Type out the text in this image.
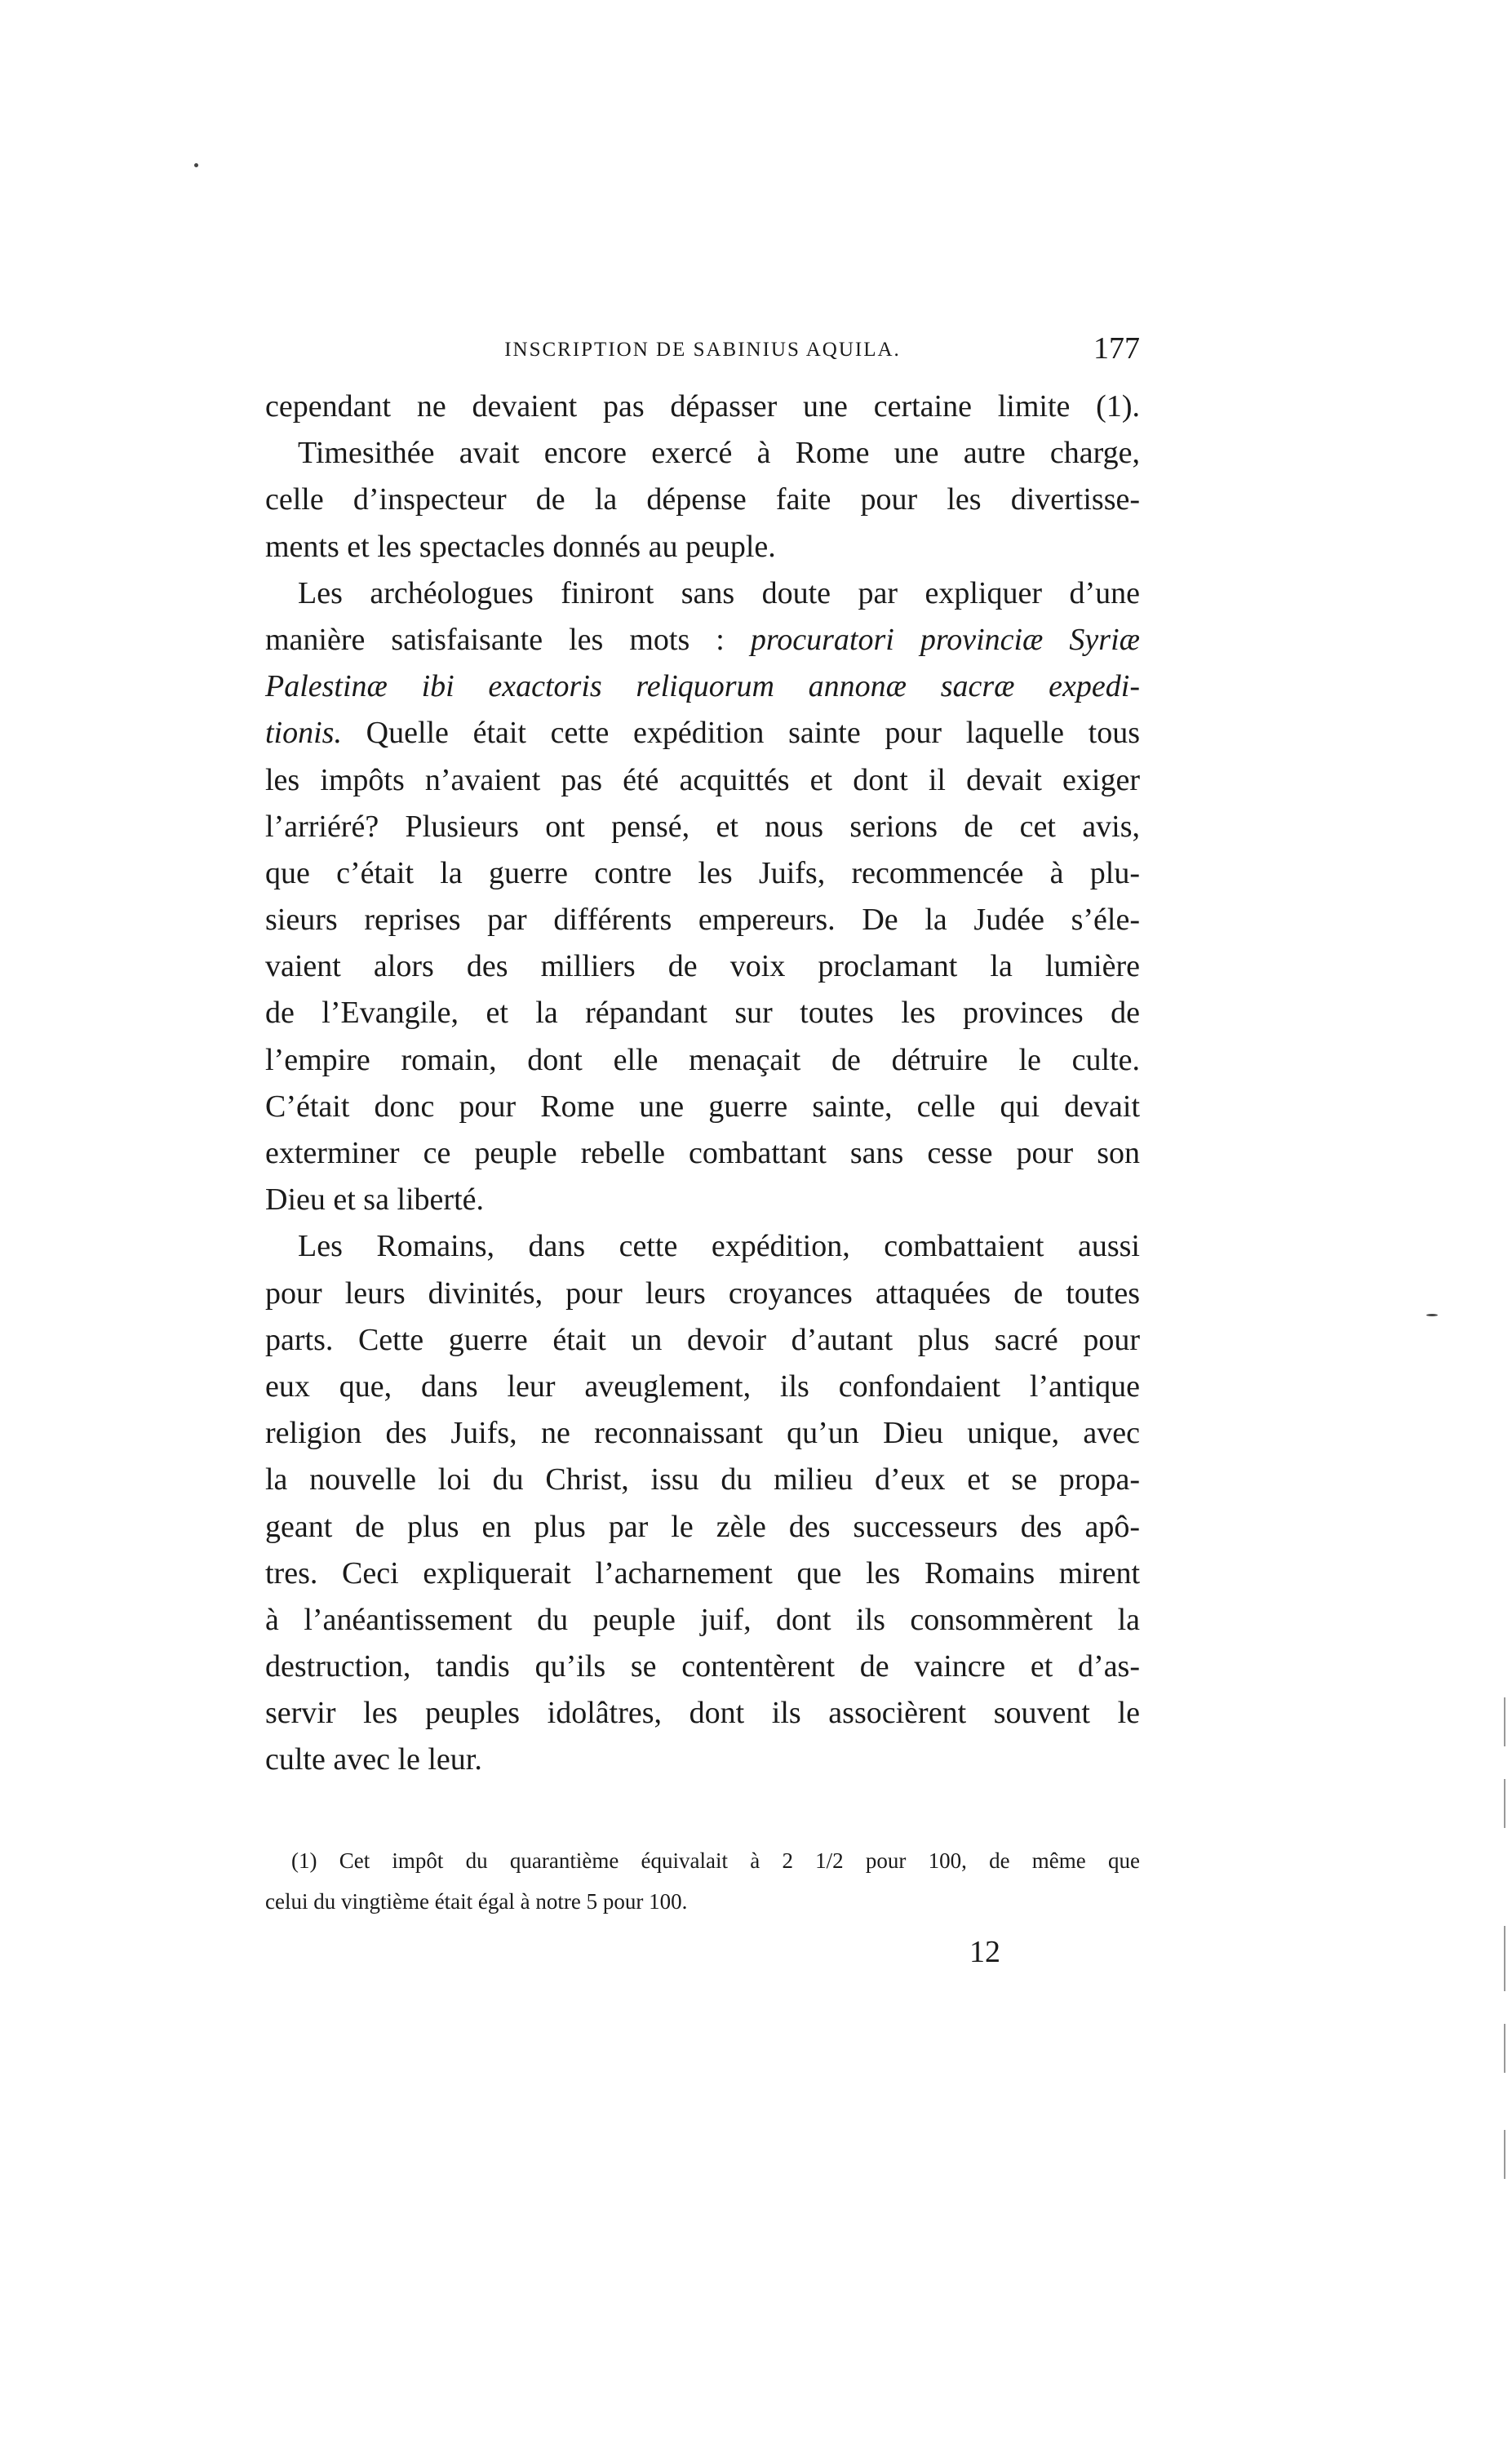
INSCRIPTION DE SABINIUS AQUILA.	177
cependant ne devaient pas dépasser une certaine limite (1).
Timesithée avait encore exercé à Rome une autre charge,
celle d’inspecteur de la dépense faite pour les divertisse-
ments et les spectacles donnés au peuple.
Les archéologues finiront sans doute par expliquer d’une
manière satisfaisante les mots : procuratori provinciæ Syriæ
Palestinæ ibi exactoris reliquorum annonæ sacræ expedi-
tionis. Quelle était cette expédition sainte pour laquelle tous
les impôts n’avaient pas été acquittés et dont il devait exiger
l’arriéré? Plusieurs ont pensé, et nous serions de cet avis,
que c’était la guerre contre les Juifs, recommencée à plu-
sieurs reprises par différents empereurs. De la Judée s’éle-
vaient alors des milliers de voix proclamant la lumière
de l’Evangile, et la répandant sur toutes les provinces de
l’empire romain, dont elle menaçait de détruire le culte.
C’était donc pour Rome une guerre sainte, celle qui devait
exterminer ce peuple rebelle combattant sans cesse pour son
Dieu et sa liberté.
Les Romains, dans cette expédition, combattaient aussi
pour leurs divinités, pour leurs croyances attaquées de toutes
parts. Cette guerre était un devoir d’autant plus sacré pour
eux que, dans leur aveuglement, ils confondaient l’antique
religion des Juifs, ne reconnaissant qu’un Dieu unique, avec
la nouvelle loi du Christ, issu du milieu d’eux et se propa-
geant de plus en plus par le zèle des successeurs des apô-
tres. Ceci expliquerait l’acharnement que les Romains mirent
à l’anéantissement du peuple juif, dont ils consommèrent la
destruction, tandis qu’ils se contentèrent de vaincre et d’as-
servir les peuples idolâtres, dont ils associèrent souvent le
culte avec le leur.
(1) Cet impôt du quarantième équivalait à 2 1/2 pour 100, de même que
celui du vingtième était égal à notre 5 pour 100.
12
